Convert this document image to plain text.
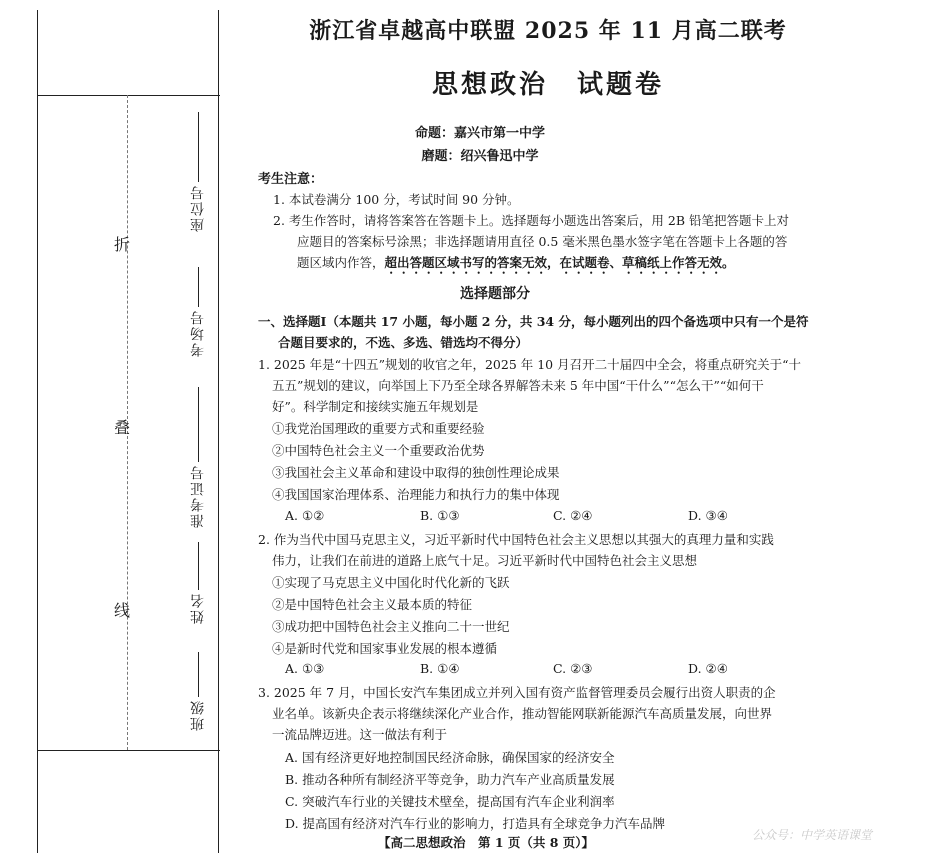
折
叠
线
座位号
考场号
准考证号
姓名
班级
浙江省卓越高中联盟 2025 年 11 月高二联考
思想政治　试题卷
命题：嘉兴市第一中学
磨题：绍兴鲁迅中学
考生注意：
1. 本试卷满分 100 分，考试时间 90 分钟。
2. 考生作答时，请将答案答在答题卡上。选择题每小题选出答案后，用 2B 铅笔把答题卡上对
应题目的答案标号涂黑；非选择题请用直径 0.5 毫米黑色墨水签字笔在答题卡上各题的答
题区域内作答，超出答题区域书写的答案无效，在试题卷、草稿纸上作答无效。
选择题部分
一、选择题Ⅰ（本题共 17 小题，每小题 2 分，共 34 分，每小题列出的四个备选项中只有一个是符
合题目要求的，不选、多选、错选均不得分）
1. 2025 年是“十四五”规划的收官之年，2025 年 10 月召开二十届四中全会，将重点研究关于“十
五五”规划的建议，向举国上下乃至全球各界解答未来 5 年中国“干什么”“怎么干”“如何干
好”。科学制定和接续实施五年规划是
①我党治国理政的重要方式和重要经验
②中国特色社会主义一个重要政治优势
③我国社会主义革命和建设中取得的独创性理论成果
④我国国家治理体系、治理能力和执行力的集中体现
A. ①②	B. ①③	C. ②④	D. ③④
2. 作为当代中国马克思主义，习近平新时代中国特色社会主义思想以其强大的真理力量和实践
伟力，让我们在前进的道路上底气十足。习近平新时代中国特色社会主义思想
①实现了马克思主义中国化时代化新的飞跃
②是中国特色社会主义最本质的特征
③成功把中国特色社会主义推向二十一世纪
④是新时代党和国家事业发展的根本遵循
A. ①③	B. ①④	C. ②③	D. ②④
3. 2025 年 7 月，中国长安汽车集团成立并列入国有资产监督管理委员会履行出资人职责的企
业名单。该新央企表示将继续深化产业合作，推动智能网联新能源汽车高质量发展，向世界
一流品牌迈进。这一做法有利于
A. 国有经济更好地控制国民经济命脉，确保国家的经济安全
B. 推动各种所有制经济平等竞争，助力汽车产业高质量发展
C. 突破汽车行业的关键技术壁垒，提高国有汽车企业利润率
D. 提高国有经济对汽车行业的影响力，打造具有全球竞争力汽车品牌
【高二思想政治　第 1 页（共 8 页）】	公众号：中学英语课堂
